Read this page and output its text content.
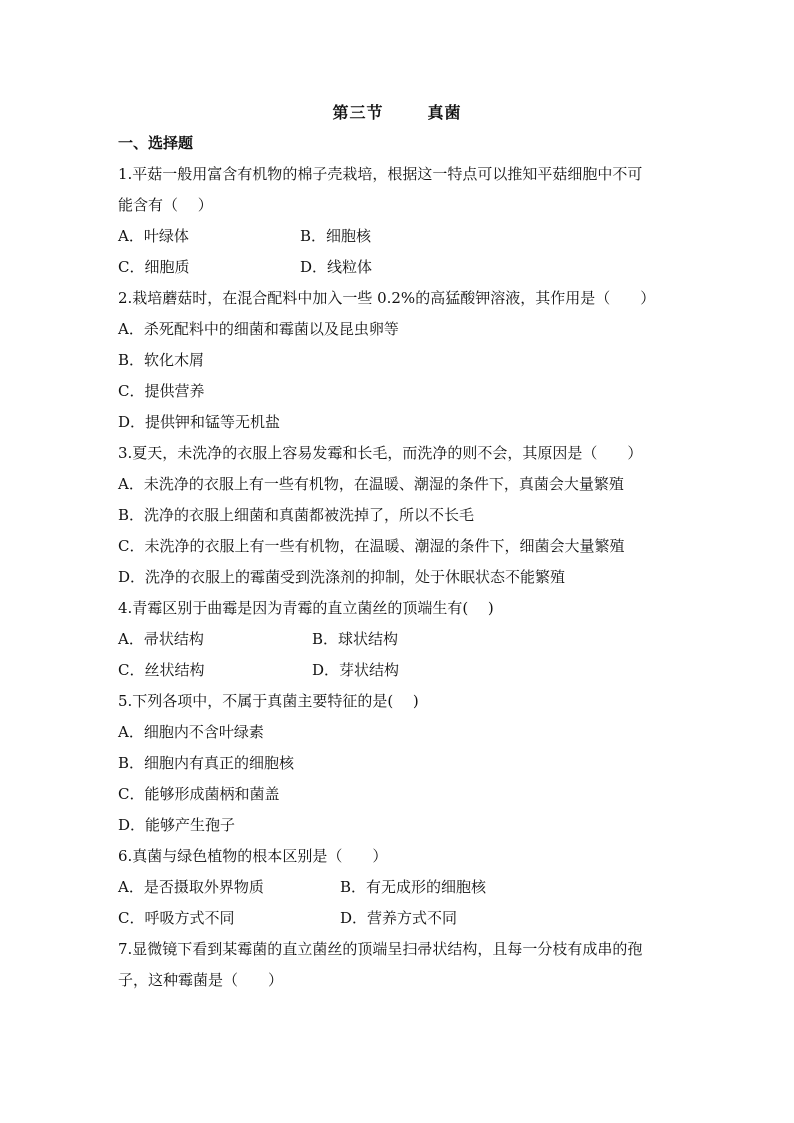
第三节	真菌
一、选择题
1.平菇一般用富含有机物的棉子壳栽培，根据这一特点可以推知平菇细胞中不可
能含有（　 ）
A．叶绿体	B．细胞核
C．细胞质	D．线粒体
2.栽培蘑菇时，在混合配料中加入一些 0.2%的高猛酸钾溶液，其作用是（　　）
A．杀死配料中的细菌和霉菌以及昆虫卵等
B．软化木屑
C．提供营养
D．提供钾和锰等无机盐
3.夏天，未洗净的衣服上容易发霉和长毛，而洗净的则不会，其原因是（　　）
A．未洗净的衣服上有一些有机物，在温暖、潮湿的条件下，真菌会大量繁殖
B．洗净的衣服上细菌和真菌都被洗掉了，所以不长毛
C．未洗净的衣服上有一些有机物，在温暖、潮湿的条件下，细菌会大量繁殖
D．洗净的衣服上的霉菌受到洗涤剂的抑制，处于休眠状态不能繁殖
4.青霉区别于曲霉是因为青霉的直立菌丝的顶端生有(　 )
A．帚状结构	B．球状结构
C．丝状结构	D．芽状结构
5.下列各项中，不属于真菌主要特征的是(　 )
A．细胞内不含叶绿素
B．细胞内有真正的细胞核
C．能够形成菌柄和菌盖
D．能够产生孢子
6.真菌与绿色植物的根本区别是（　　）
A．是否摄取外界物质	B．有无成形的细胞核
C．呼吸方式不同	D．营养方式不同
7.显微镜下看到某霉菌的直立菌丝的顶端呈扫帚状结构，且每一分枝有成串的孢
子，这种霉菌是（　　）
